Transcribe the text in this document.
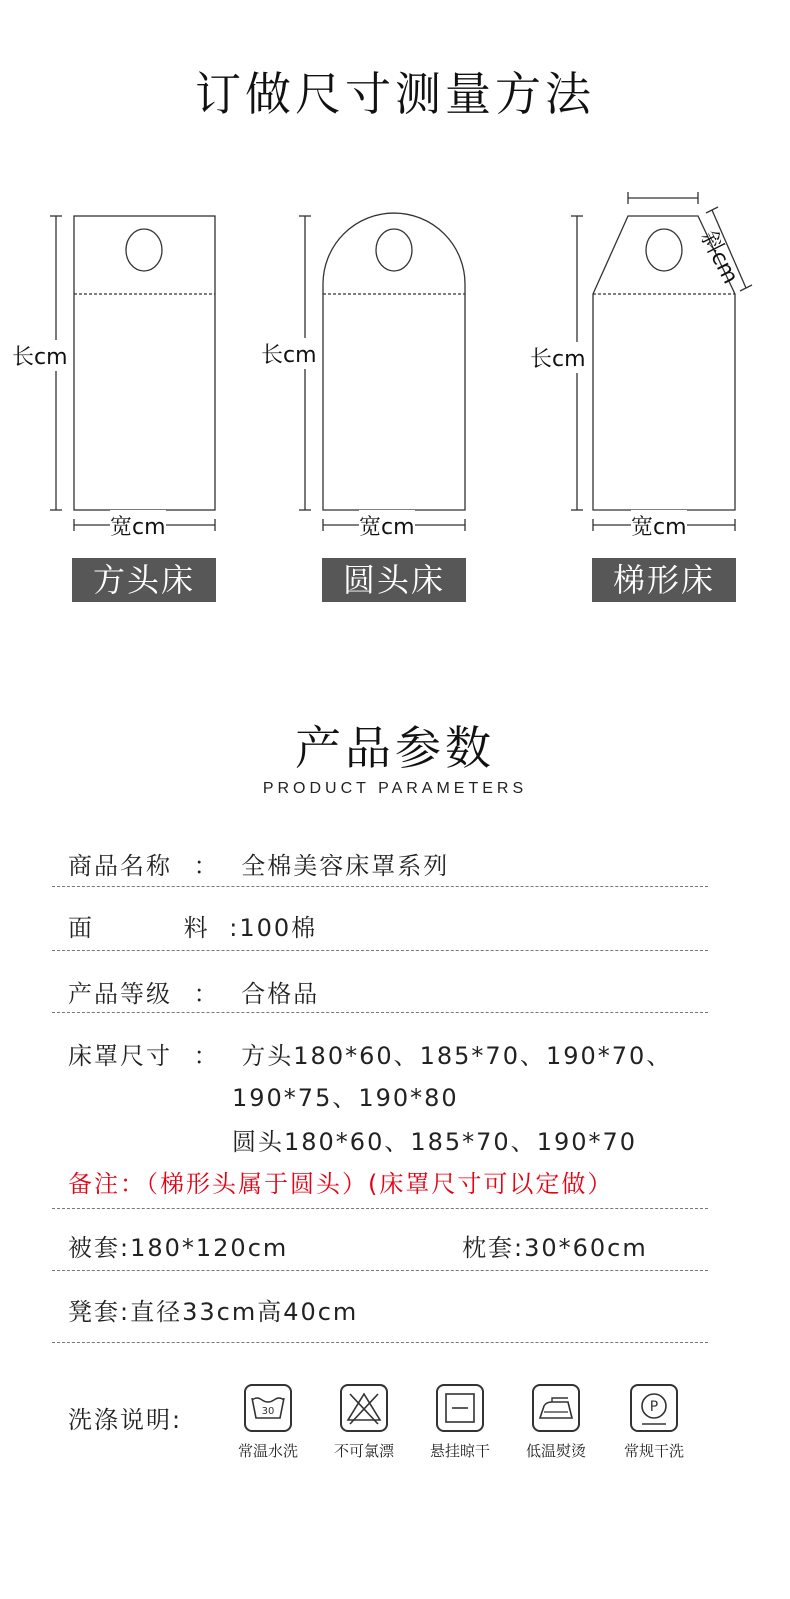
订做尺寸测量方法
长cm
宽cm
长cm
宽cm
长cm
宽cm
斜cm
方头床	圆头床	梯形床
产品参数
PRODUCT PARAMETERS
商品名称 ： 全棉美容床罩系列
面	料 :100棉
产品等级 ： 合格品
床罩尺寸 ： 方头180*60、185*70、190*70、
190*75、190*80
圆头180*60、185*70、190*70
备注：（梯形头属于圆头）(床罩尺寸可以定做）
被套:180*120cm	枕套:30*60cm
凳套:直径33cm高40cm
洗涤说明:	30
常温水洗	不可氯漂	悬挂晾干	低温熨烫
P
常规干洗
